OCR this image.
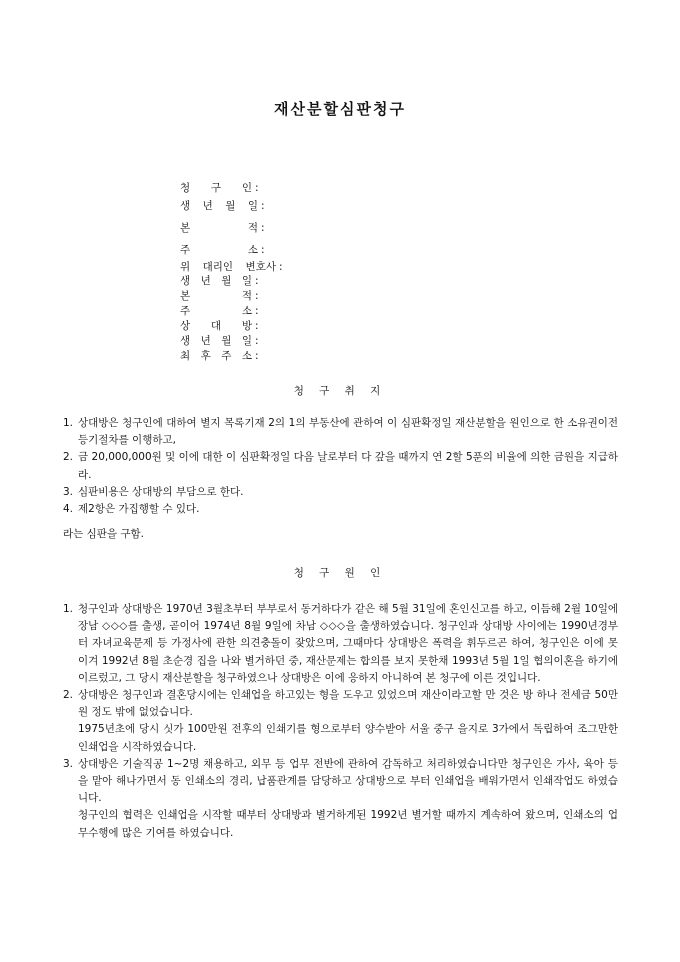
재산분할심판청구
청 구 인 :
생 년 월 일 :
본 적 :
주 소 :
위 대리인 변호사 :
생 년 월 일 :
본 적 :
주 소 :
상 대 방 :
생 년 월 일 :
최 후 주 소 :
청 구 취 지
1. 상대방은 청구인에 대하여 별지 목록기재 2의 1의 부동산에 관하여 이 심판확정일 재산분할을 원인으로 한 소유권이전등기절차를 이행하고,
2. 금 20,000,000원 및 이에 대한 이 심판확정일 다음 날로부터 다 갚을 때까지 연 2할 5푼의 비율에 의한 금원을 지급하라.
3. 심판비용은 상대방의 부담으로 한다.
4. 제2항은 가집행할 수 있다.
라는 심판을 구함.
청 구 원 인
1. 청구인과 상대방은 1970년 3월초부터 부부로서 동거하다가 같은 해 5월 31일에 혼인신고를 하고, 이듬해 2월 10일에 장남 ◇◇◇를 출생, 곧이어 1974년 8월 9일에 차남 ◇◇◇을 출생하였습니다. 청구인과 상대방 사이에는 1990년경부터 자녀교육문제 등 가정사에 관한 의견충돌이 잦았으며, 그때마다 상대방은 폭력을 휘두르곤 하여, 청구인은 이에 못이겨 1992년 8월 초순경 집을 나와 별거하던 중, 재산문제는 합의를 보지 못한채 1993년 5월 1일 협의이혼을 하기에 이르렀고, 그 당시 재산분할을 청구하였으나 상대방은 이에 응하지 아니하여 본 청구에 이른 것입니다.
2. 상대방은 청구인과 결혼당시에는 인쇄업을 하고있는 형을 도우고 있었으며 재산이라고할 만 것은 방 하나 전세금 50만원 정도 밖에 없었습니다.
1975년초에 당시 싯가 100만원 전후의 인쇄기를 형으로부터 양수받아 서울 중구 을지로 3가에서 독립하여 조그만한 인쇄업을 시작하였습니다.
3. 상대방은 기술직공 1~2명 채용하고, 외무 등 업무 전반에 관하여 감독하고 처리하였습니다만 청구인은 가사, 육아 등을 맡아 해나가면서 동 인쇄소의 경리, 납품관계를 담당하고 상대방으로 부터 인쇄업을 배워가면서 인쇄작업도 하였습니다.
청구인의 협력은 인쇄업을 시작할 때부터 상대방과 별거하게된 1992년 별거할 때까지 계속하여 왔으며, 인쇄소의 업무수행에 많은 기여를 하였습니다.
